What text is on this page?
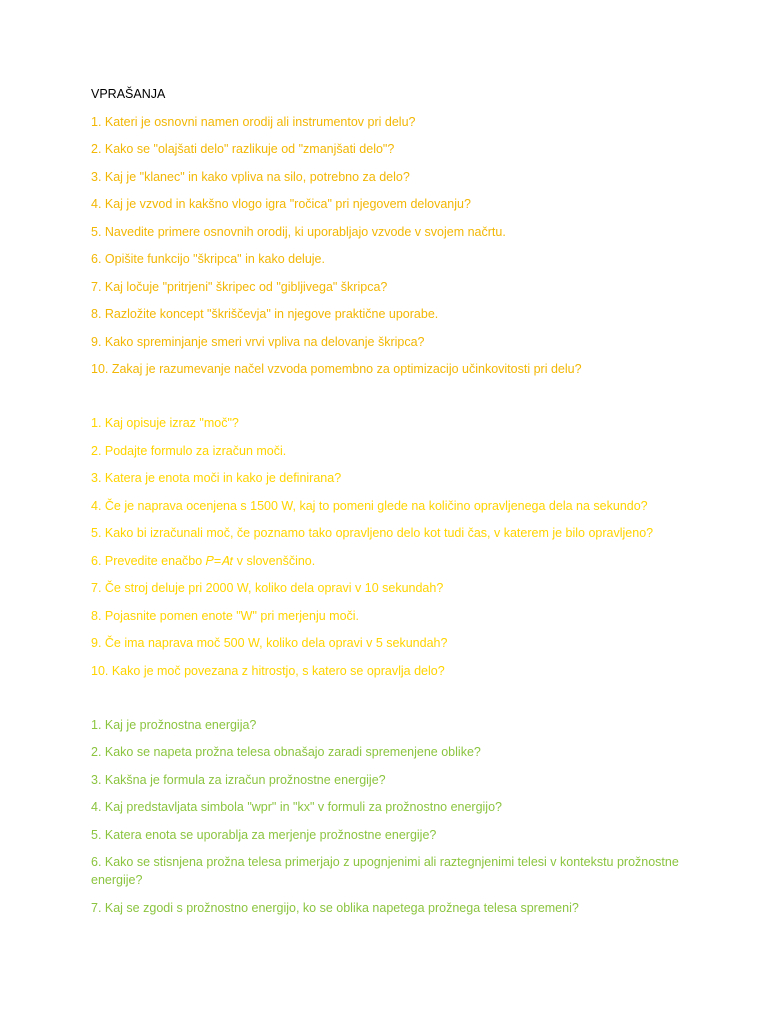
VPRAŠANJA
1. Kateri je osnovni namen orodij ali instrumentov pri delu?
2. Kako se "olajšati delo" razlikuje od "zmanjšati delo"?
3. Kaj je "klanec" in kako vpliva na silo, potrebno za delo?
4. Kaj je vzvod in kakšno vlogo igra "ročica" pri njegovem delovanju?
5. Navedite primere osnovnih orodij, ki uporabljajo vzvode v svojem načrtu.
6. Opišite funkcijo "škripca" in kako deluje.
7. Kaj ločuje "pritrjeni" škripec od "gibljivega" škripca?
8. Razložite koncept "škriščevja" in njegove praktične uporabe.
9. Kako spreminjanje smeri vrvi vpliva na delovanje škripca?
10. Zakaj je razumevanje načel vzvoda pomembno za optimizacijo učinkovitosti pri delu?
1. Kaj opisuje izraz "moč"?
2. Podajte formulo za izračun moči.
3. Katera je enota moči in kako je definirana?
4. Če je naprava ocenjena s 1500 W, kaj to pomeni glede na količino opravljenega dela na sekundo?
5. Kako bi izračunali moč, če poznamo tako opravljeno delo kot tudi čas, v katerem je bilo opravljeno?
6. Prevedite enačbo 𝑃=𝐴𝑡 v slovenščino.
7. Če stroj deluje pri 2000 W, koliko dela opravi v 10 sekundah?
8. Pojasnite pomen enote "W" pri merjenju moči.
9. Če ima naprava moč 500 W, koliko dela opravi v 5 sekundah?
10. Kako je moč povezana z hitrostjo, s katero se opravlja delo?
1. Kaj je prožnostna energija?
2. Kako se napeta prožna telesa obnašajo zaradi spremenjene oblike?
3. Kakšna je formula za izračun prožnostne energije?
4. Kaj predstavljata simbola "wpr" in "kx" v formuli za prožnostno energijo?
5. Katera enota se uporablja za merjenje prožnostne energije?
6. Kako se stisnjena prožna telesa primerjajo z upognjenimi ali raztegnjenimi telesi v kontekstu prožnostne energije?
7. Kaj se zgodi s prožnostno energijo, ko se oblika napetega prožnega telesa spremeni?
